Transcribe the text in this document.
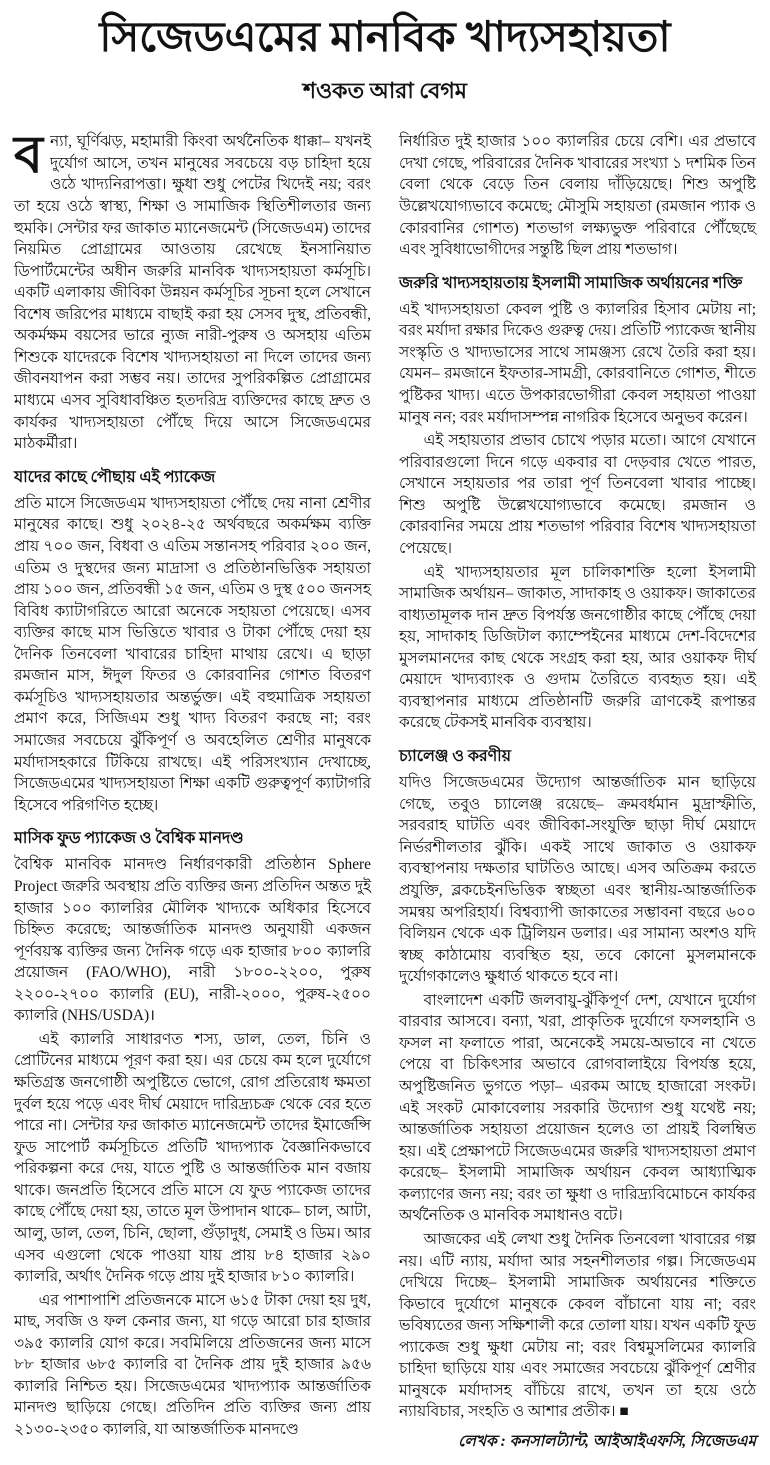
সিজেডএমের মানবিক খাদ্যসহায়তা
শওকত আরা বেগম

বন্যা, ঘূর্ণিঝড়, মহামারী কিংবা অর্থনৈতিক ধাক্কা– যখনই দুর্যোগ আসে, তখন মানুষের সবচেয়ে বড় চাহিদা হয়ে ওঠে খাদ্যনিরাপত্তা। ক্ষুধা শুধু পেটের খিদেই নয়; বরং তা হয়ে ওঠে স্বাস্থ্য, শিক্ষা ও সামাজিক স্থিতিশীলতার জন্য হুমকি। সেন্টার ফর জাকাত ম্যানেজমেন্ট (সিজেডএম) তাদের নিয়মিত প্রোগ্রামের আওতায় রেখেছে ইনসানিয়াত ডিপার্টমেন্টের অধীন জরুরি মানবিক খাদ্যসহায়তা কর্মসূচি। একটি এলাকায় জীবিকা উন্নয়ন কর্মসূচির সূচনা হলে সেখানে বিশেষ জরিপের মাধ্যমে বাছাই করা হয় সেসব দুস্থ, প্রতিবন্ধী, অকর্মক্ষম বয়সের ভারে ন্যুজ নারী-পুরুষ ও অসহায় এতিম শিশুকে যাদেরকে বিশেষ খাদ্যসহায়তা না দিলে তাদের জন্য জীবনযাপন করা সম্ভব নয়। তাদের সুপরিকল্পিত প্রোগ্রামের মাধ্যমে এসব সুবিধাবঞ্চিত হতদরিদ্র ব্যক্তিদের কাছে দ্রুত ও কার্যকর খাদ্যসহায়তা পৌঁছে দিয়ে আসে সিজেডএমের মাঠকর্মীরা।

যাদের কাছে পৌছায় এই প্যাকেজ

প্রতি মাসে সিজেডএম খাদ্যসহায়তা পৌঁছে দেয় নানা শ্রেণীর মানুষের কাছে। শুধু ২০২৪-২৫ অর্থবছরে অকর্মক্ষম ব্যক্তি প্রায় ৭০০ জন, বিধবা ও এতিম সন্তানসহ পরিবার ২০০ জন, এতিম ও দুস্থদের জন্য মাদ্রাসা ও প্রতিষ্ঠানভিত্তিক সহায়তা প্রায় ১০০ জন, প্রতিবন্ধী ১৫ জন, এতিম ও দুস্থ ৫০০ জনসহ বিবিধ ক্যাটাগরিতে আরো অনেকে সহায়তা পেয়েছে। এসব ব্যক্তির কাছে মাস ভিত্তিতে খাবার ও টাকা পৌঁছে দেয়া হয় দৈনিক তিনবেলা খাবারের চাহিদা মাথায় রেখে। এ ছাড়া রমজান মাস, ঈদুল ফিতর ও কোরবানির গোশত বিতরণ কর্মসূচিও খাদ্যসহায়তার অন্তর্ভুক্ত। এই বহুমাত্রিক সহায়তা প্রমাণ করে, সিজিএম শুধু খাদ্য বিতরণ করছে না; বরং সমাজের সবচেয়ে ঝুঁকিপূর্ণ ও অবহেলিত শ্রেণীর মানুষকে মর্যাদাসহকারে টিকিয়ে রাখছে। এই পরিসংখ্যান দেখাচ্ছে, সিজেডএমের খাদ্যসহায়তা শিক্ষা একটি গুরুত্বপূর্ণ ক্যাটাগরি হিসেবে পরিগণিত হচ্ছে।

মাসিক ফুড প্যাকেজ ও বৈশ্বিক মানদণ্ড

বৈশ্বিক মানবিক মানদণ্ড নির্ধারণকারী প্রতিষ্ঠান Sphere Project জরুরি অবস্থায় প্রতি ব্যক্তির জন্য প্রতিদিন অন্তত দুই হাজার ১০০ ক্যালরির মৌলিক খাদ্যকে অধিকার হিসেবে চিহ্নিত করেছে; আন্তর্জাতিক মানদণ্ড অনুযায়ী একজন পূর্ণবয়স্ক ব্যক্তির জন্য দৈনিক গড়ে এক হাজার ৮০০ ক্যালরি প্রয়োজন (FAO/WHO), নারী ১৮০০-২২০০, পুরুষ ২২০০-২৭০০ ক্যালরি (EU), নারী-২০০০, পুরুষ-২৫০০ ক্যালরি (NHS/USDA)।

এই ক্যালরি সাধারণত শস্য, ডাল, তেল, চিনি ও প্রোটিনের মাধ্যমে পূরণ করা হয়। এর চেয়ে কম হলে দুর্যোগে ক্ষতিগ্রস্ত জনগোষ্ঠী অপুষ্টিতে ভোগে, রোগ প্রতিরোধ ক্ষমতা দুর্বল হয়ে পড়ে এবং দীর্ঘ মেয়াদে দারিদ্র্যচক্র থেকে বের হতে পারে না। সেন্টার ফর জাকাত ম্যানেজমেন্ট তাদের ইমার্জেন্সি ফুড সাপোর্ট কর্মসূচিতে প্রতিটি খাদ্যপ্যাক বৈজ্ঞানিকভাবে পরিকল্পনা করে দেয়, যাতে পুষ্টি ও আন্তর্জাতিক মান বজায় থাকে। জনপ্রতি হিসেবে প্রতি মাসে যে ফুড প্যাকেজ তাদের কাছে পৌঁছে দেয়া হয়, তাতে মূল উপাদান থাকে– চাল, আটা, আলু, ডাল, তেল, চিনি, ছোলা, গুঁড়াদুধ, সেমাই ও ডিম। আর এসব এগুলো থেকে পাওয়া যায় প্রায় ৮৪ হাজার ২৯০ ক্যালরি, অর্থাৎ দৈনিক গড়ে প্রায় দুই হাজার ৮১০ ক্যালরি।

এর পাশাপাশি প্রতিজনকে মাসে ৬১৫ টাকা দেয়া হয় দুধ, মাছ, সবজি ও ফল কেনার জন্য, যা গড়ে আরো চার হাজার ৩৯৫ ক্যালরি যোগ করে। সবমিলিয়ে প্রতিজনের জন্য মাসে ৮৮ হাজার ৬৮৫ ক্যালরি বা দৈনিক প্রায় দুই হাজার ৯৫৬ ক্যালরি নিশ্চিত হয়। সিজেডএমের খাদ্যপ্যাক আন্তর্জাতিক মানদণ্ড ছাড়িয়ে গেছে। প্রতিদিন প্রতি ব্যক্তির জন্য প্রায় ২১৩০-২৩৫০ ক্যালরি, যা আন্তর্জাতিক মানদণ্ডে

নির্ধারিত দুই হাজার ১০০ ক্যালরির চেয়ে বেশি। এর প্রভাবে দেখা গেছে, পরিবারের দৈনিক খাবারের সংখ্যা ১ দশমিক তিন বেলা থেকে বেড়ে তিন বেলায় দাঁড়িয়েছে। শিশু অপুষ্টি উল্লেখযোগ্যভাবে কমেছে; মৌসুমি সহায়তা (রমজান প্যাক ও কোরবানির গোশত) শতভাগ লক্ষ্যভুক্ত পরিবারে পৌঁছেছে এবং সুবিধাভোগীদের সন্তুষ্টি ছিল প্রায় শতভাগ।

জরুরি খাদ্যসহায়তায় ইসলামী সামাজিক অর্থায়নের শক্তি

এই খাদ্যসহায়তা কেবল পুষ্টি ও ক্যালরির হিসাব মেটায় না; বরং মর্যাদা রক্ষার দিকেও গুরুত্ব দেয়। প্রতিটি প্যাকেজ স্থানীয় সংস্কৃতি ও খাদ্যভাসের সাথে সামঞ্জস্য রেখে তৈরি করা হয়। যেমন– রমজানে ইফতার-সামগ্রী, কোরবানিতে গোশত, শীতে পুষ্টিকর খাদ্য। এতে উপকারভোগীরা কেবল সহায়তা পাওয়া মানুষ নন; বরং মর্যাদাসম্পন্ন নাগরিক হিসেবে অনুভব করেন।

এই সহায়তার প্রভাব চোখে পড়ার মতো। আগে যেখানে পরিবারগুলো দিনে গড়ে একবার বা দেড়বার খেতে পারত, সেখানে সহায়তার পর তারা পূর্ণ তিনবেলা খাবার পাচ্ছে। শিশু অপুষ্টি উল্লেখযোগ্যভাবে কমেছে। রমজান ও কোরবানির সময়ে প্রায় শতভাগ পরিবার বিশেষ খাদ্যসহায়তা পেয়েছে।

এই খাদ্যসহায়তার মূল চালিকাশক্তি হলো ইসলামী সামাজিক অর্থায়ন– জাকাত, সাদাকাহ ও ওয়াকফ। জাকাতের বাধ্যতামূলক দান দ্রুত বিপর্যস্ত জনগোষ্ঠীর কাছে পৌঁছে দেয়া হয়, সাদাকাহ ডিজিটাল ক্যাম্পেইনের মাধ্যমে দেশ-বিদেশের মুসলমানদের কাছ থেকে সংগ্রহ করা হয়, আর ওয়াকফ দীর্ঘ মেয়াদে খাদ্যব্যাংক ও গুদাম তৈরিতে ব্যবহৃত হয়। এই ব্যবস্থাপনার মাধ্যমে প্রতিষ্ঠানটি জরুরি ত্রাণকেই রূপান্তর করেছে টেকসই মানবিক ব্যবস্থায়।

চ্যালেঞ্জ ও করণীয়

যদিও সিজেডএমের উদ্যোগ আন্তর্জাতিক মান ছাড়িয়ে গেছে, তবুও চ্যালেঞ্জ রয়েছে– ক্রমবর্ধমান মুদ্রাস্ফীতি, সরবরাহ ঘাটতি এবং জীবিকা-সংযুক্তি ছাড়া দীর্ঘ মেয়াদে নির্ভরশীলতার ঝুঁকি। একই সাথে জাকাত ও ওয়াকফ ব্যবস্থাপনায় দক্ষতার ঘাটতিও আছে। এসব অতিক্রম করতে প্রযুক্তি, ব্লকচেইনভিত্তিক স্বচ্ছতা এবং স্থানীয়-আন্তর্জাতিক সমন্বয় অপরিহার্য। বিশ্বব্যাপী জাকাতের সম্ভাবনা বছরে ৬০০ বিলিয়ন থেকে এক ট্রিলিয়ন ডলার। এর সামান্য অংশও যদি স্বচ্ছ কাঠামোয় ব্যবস্থিত হয়, তবে কোনো মুসলমানকে দুর্যোগকালেও ক্ষুধার্ত থাকতে হবে না।

বাংলাদেশ একটি জলবায়ু-ঝুঁকিপূর্ণ দেশ, যেখানে দুর্যোগ বারবার আসবে। বন্যা, খরা, প্রাকৃতিক দুর্যোগে ফসলহানি ও ফসল না ফলাতে পারা, অনেকেই সময়ে-অভাবে না খেতে পেয়ে বা চিকিৎসার অভাবে রোগবালাইয়ে বিপর্যস্ত হয়ে, অপুষ্টিজনিত ভুগতে পড়া– এরকম আছে হাজারো সংকট। এই সংকট মোকাবেলায় সরকারি উদ্যোগ শুধু যথেষ্ট নয়; আন্তর্জাতিক সহায়তা প্রয়োজন হলেও তা প্রায়ই বিলম্বিত হয়। এই প্রেক্ষাপটে সিজেডএমের জরুরি খাদ্যসহায়তা প্রমাণ করেছে– ইসলামী সামাজিক অর্থায়ন কেবল আধ্যাত্মিক কল্যাণের জন্য নয়; বরং তা ক্ষুধা ও দারিদ্র্যবিমোচনে কার্যকর অর্থনৈতিক ও মানবিক সমাধানও বটে।

আজকের এই লেখা শুধু দৈনিক তিনবেলা খাবারের গল্প নয়। এটি ন্যায়, মর্যাদা আর সহনশীলতার গল্প। সিজেডএম দেখিয়ে দিচ্ছে– ইসলামী সামাজিক অর্থায়নের শক্তিতে কিভাবে দুর্যোগে মানুষকে কেবল বাঁচানো যায় না; বরং ভবিষ্যতের জন্য সক্ষিশালী করে তোলা যায়। যখন একটি ফুড প্যাকেজ শুধু ক্ষুধা মেটায় না; বরং বিশ্বমুসলিমের ক্যালরি চাহিদা ছাড়িয়ে যায় এবং সমাজের সবচেয়ে ঝুঁকিপূর্ণ শ্রেণীর মানুষকে মর্যাদাসহ বাঁচিয়ে রাখে, তখন তা হয়ে ওঠে ন্যায়বিচার, সংহতি ও আশার প্রতীক। ■

লেখক : কনসালট্যান্ট, আইআইএফসি, সিজেডএম
